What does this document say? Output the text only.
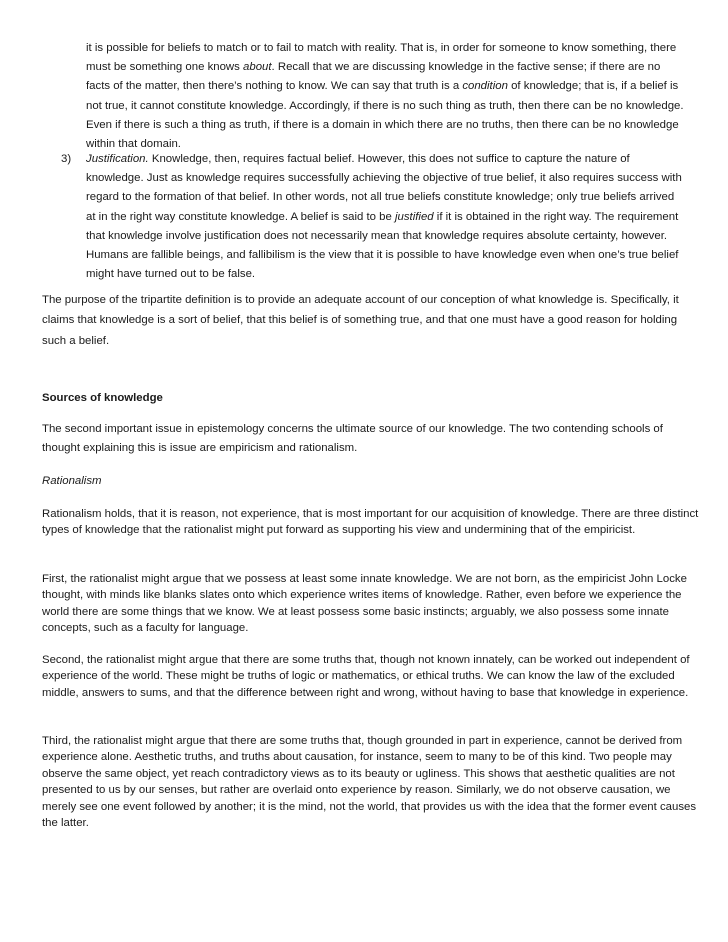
it is possible for beliefs to match or to fail to match with reality. That is, in order for someone to know something, there must be something one knows about. Recall that we are discussing knowledge in the factive sense; if there are no facts of the matter, then there’s nothing to know. We can say that truth is a condition of knowledge; that is, if a belief is not true, it cannot constitute knowledge. Accordingly, if there is no such thing as truth, then there can be no knowledge. Even if there is such a thing as truth, if there is a domain in which there are no truths, then there can be no knowledge within that domain.
3) Justification. Knowledge, then, requires factual belief. However, this does not suffice to capture the nature of knowledge. Just as knowledge requires successfully achieving the objective of true belief, it also requires success with regard to the formation of that belief. In other words, not all true beliefs constitute knowledge; only true beliefs arrived at in the right way constitute knowledge. A belief is said to be justified if it is obtained in the right way. The requirement that knowledge involve justification does not necessarily mean that knowledge requires absolute certainty, however. Humans are fallible beings, and fallibilism is the view that it is possible to have knowledge even when one’s true belief might have turned out to be false.
The purpose of the tripartite definition is to provide an adequate account of our conception of what knowledge is. Specifically, it claims that knowledge is a sort of belief, that this belief is of something true, and that one must have a good reason for holding such a belief.
Sources of knowledge
The second important issue in epistemology concerns the ultimate source of our knowledge. The two contending schools of thought explaining this is issue are empiricism and rationalism.
Rationalism
Rationalism holds, that it is reason, not experience, that is most important for our acquisition of knowledge. There are three distinct types of knowledge that the rationalist might put forward as supporting his view and undermining that of the empiricist.
First, the rationalist might argue that we possess at least some innate knowledge. We are not born, as the empiricist John Locke thought, with minds like blanks slates onto which experience writes items of knowledge. Rather, even before we experience the world there are some things that we know. We at least possess some basic instincts; arguably, we also possess some innate concepts, such as a faculty for language.
Second, the rationalist might argue that there are some truths that, though not known innately, can be worked out independent of experience of the world. These might be truths of logic or mathematics, or ethical truths. We can know the law of the excluded middle, answers to sums, and that the difference between right and wrong, without having to base that knowledge in experience.
Third, the rationalist might argue that there are some truths that, though grounded in part in experience, cannot be derived from experience alone. Aesthetic truths, and truths about causation, for instance, seem to many to be of this kind. Two people may observe the same object, yet reach contradictory views as to its beauty or ugliness. This shows that aesthetic qualities are not presented to us by our senses, but rather are overlaid onto experience by reason. Similarly, we do not observe causation, we merely see one event followed by another; it is the mind, not the world, that provides us with the idea that the former event causes the latter.
